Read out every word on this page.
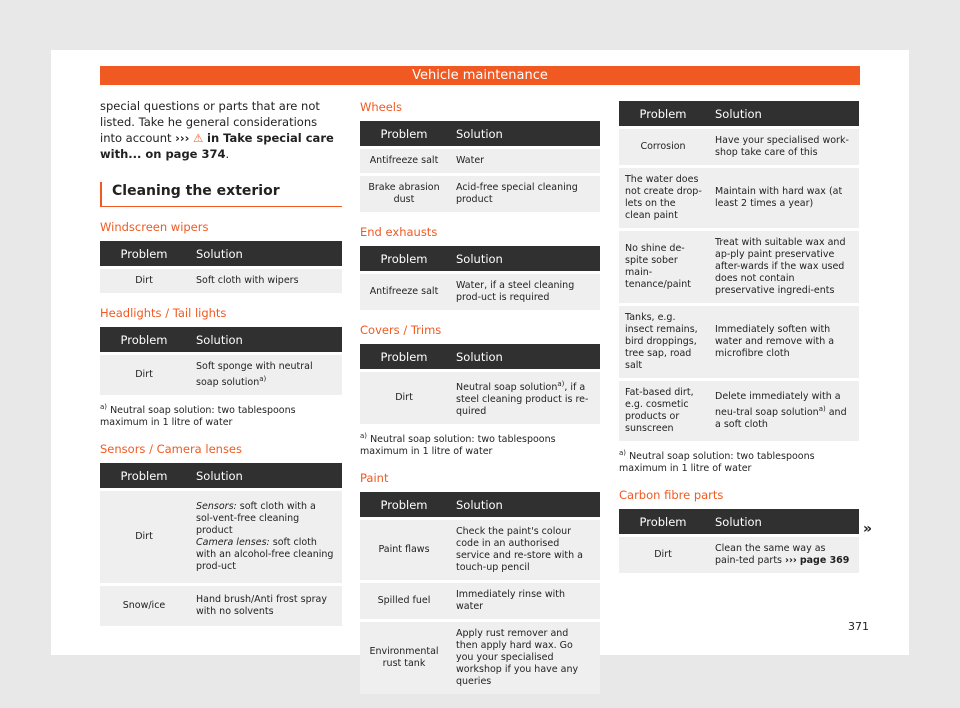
Vehicle maintenance

special questions or parts that are not listed. Take he general considerations into account ››› ⚠ in Take special care with... on page 374.

Cleaning the exterior
Windscreen wipers
Problem	Solution
Dirt	Soft cloth with wipers
Headlights / Tail lights
Problem	Solution
Dirt	Soft sponge with neutral soap solution$^{a)}$

$^{a)}$ Neutral soap solution: two tablespoons maximum in 1 litre of water

Sensors / Camera lenses
Problem	Solution
Dirt	Sensors: soft cloth with a sol-vent-free cleaning product
Camera lenses: soft cloth with an alcohol-free cleaning prod-uct
Snow/ice	Hand brush/Anti frost spray with no solvents
Wheels
Problem	Solution
Antifreeze salt	Water
Brake abrasion dust	Acid-free special cleaning product
End exhausts
Problem	Solution
Antifreeze salt	Water, if a steel cleaning prod-uct is required
Covers / Trims
Problem	Solution
Dirt	Neutral soap solution$^{a)}$, if a steel cleaning product is re-quired

$^{a)}$ Neutral soap solution: two tablespoons maximum in 1 litre of water

Paint
Problem	Solution
Paint flaws	Check the paint's colour code in an authorised service and re-store with a touch-up pencil
Spilled fuel	Immediately rinse with water
Environmental rust tank	Apply rust remover and then apply hard wax. Go you your specialised workshop if you have any queries
Problem	Solution
Corrosion	Have your specialised work-shop take care of this
The water does not create drop-lets on the clean paint	Maintain with hard wax (at least 2 times a year)
No shine de-spite sober main-tenance/paint	Treat with suitable wax and ap-ply paint preservative after-wards if the wax used does not contain preservative ingredi-ents
Tanks, e.g. insect remains, bird droppings, tree sap, road salt	Immediately soften with water and remove with a microfibre cloth
Fat-based dirt, e.g. cosmetic products or sunscreen	Delete immediately with a neu-tral soap solution$^{a)}$ and a soft cloth

$^{a)}$ Neutral soap solution: two tablespoons maximum in 1 litre of water

Carbon fibre parts
Problem	Solution
Dirt	Clean the same way as pain-ted parts ››› page 369
»
371
